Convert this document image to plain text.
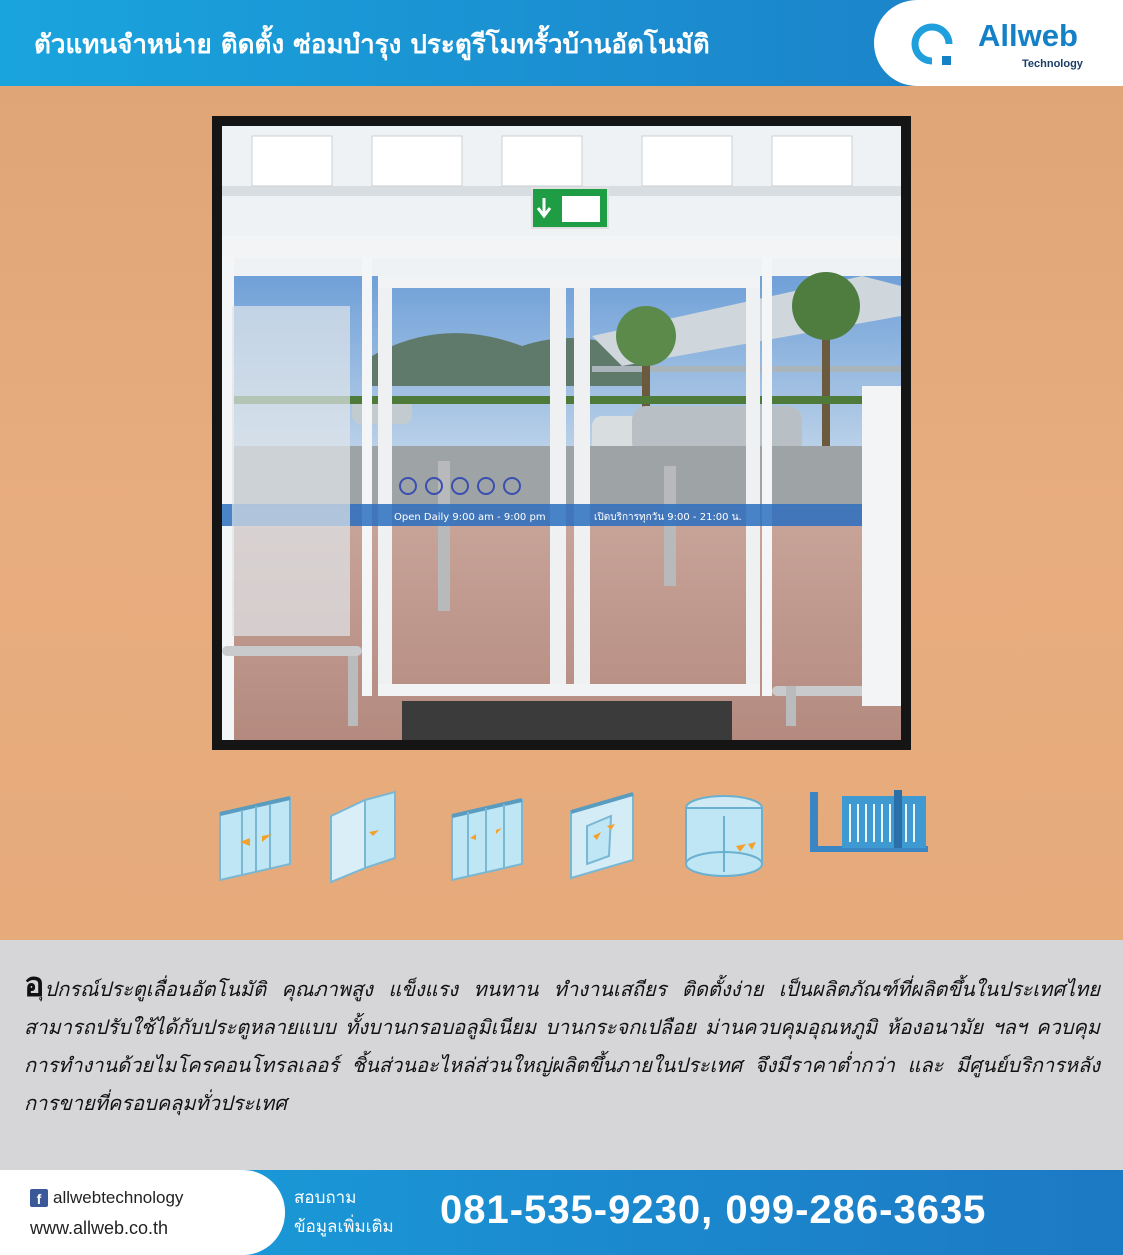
ตัวแทนจำหน่าย ติดตั้ง ซ่อมบำรุง ประตูรีโมทรั้วบ้านอัตโนมัติ	Allweb
Technology
Open Daily 9:00 am - 9:00 pm	เปิดบริการทุกวัน 9:00 - 21:00 น.

อุปกรณ์ประตูเลื่อนอัตโนมัติ คุณภาพสูง แข็งแรง ทนทาน ทำงานเสถียร ติดตั้งง่าย เป็นผลิตภัณฑ์ที่ผลิตขึ้นในประเทศไทย สามารถปรับใช้ได้กับประตูหลายแบบ ทั้งบานกรอบอลูมิเนียม บานกระจกเปลือย ม่านควบคุมอุณหภูมิ ห้องอนามัย ฯลฯ ควบคุมการทำงานด้วยไมโครคอนโทรลเลอร์ ชิ้นส่วนอะไหล่ส่วนใหญ่ผลิตขึ้นภายในประเทศ จึงมีราคาต่ำกว่า และ มีศูนย์บริการหลังการขายที่ครอบคลุมทั่วประเทศ

f allwebtechnology
www.allweb.co.th
สอบถาม
ข้อมูลเพิ่มเติม 081-535-9230, 099-286-3635
